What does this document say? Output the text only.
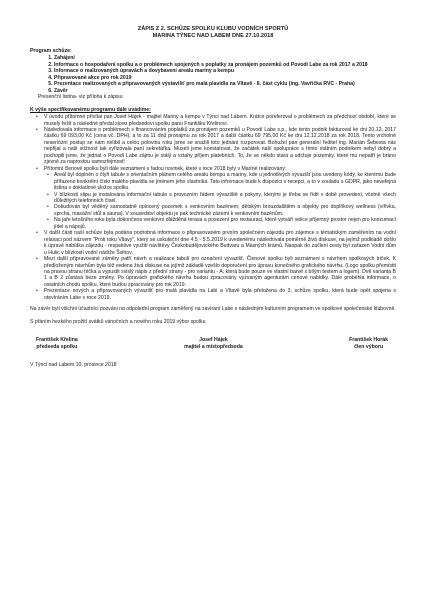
ZÁPIS Z 2. SCHŮZE SPOLKU KLUBU VODNÍCH SPORTŮ
MARINA TÝNEC NAD LABEM DNE 27.10.2018
Program schůze:
1. Zahájení
2. Informace o hospodaření spolku a o problémech spojených s poplatky za pronájem pozemků od Povodí Labe za rok 2017 a 2018
3. Informace o realizovaných úpravách a dovybavení areálu mariny a kempu
4. Připravované akce pro rok 2019
5. Prezentace realizovaných a připravovaných výstavišť pro malá plavidla na Vltavě - II. část cyklu (ing. Vavřička RVC - Praha)
6. Závěr
Presenční listina- viz příloha k zápisu
K výše specifikovanému programu dále uvádíme:
• V úvodu přítomné přivítal pan Josef Hájek - majitel Mariny a kempu v Týnci nad Labem. Krátce poreferoval o problémech za předchozí období, které se musely řešit a následně předal slovo předsedovi spolku panu Františku Křelinovi.
• Následovala informace o problémech s financováním poplatků za pronájem pozemků u Povodí Labe s.p., kde tento podnik fakturoval ke dni 20.12. 2017 částku 69 093,00 Kč (cena vč. DPH), a to za 11 dnů pronájmu za rok 2017 a další částku 69 795,00 Kč ke dni 12.12.2018 za rok 2018. Tento vrcholně neseriózní postup se nám nelíbil a celou polovinu roku jsme se snažili toto jednání rozporovat. Bohužel pan generální ředitel ing. Marián Šebesta nás nepřijal a naši stížnost tak vyřizovala paní sekretářka. Museli jsme konstatovat, že začátek naší spolupráce s tímto státním podnikem nebyl dobrý a pochopili jsme, že jednat o Povodí Labe zájmu je stálý a vztahy příjem platebních. To, že se někdo stará a udržuje pozemky, které mu nepatří je bráno zjevně za naprostou samozřejmost!
• Přítomni členové spolku byli dále seznámeni s řadou novinek, které v roce 2018 byly v Maríně realizovány:
• Areál byl doplněn o čtyři tabule s orientačním plánem celého areálu kempu a mariny, kde u jednotlivých vývazišť jsou uvedeny kódy, ke kterému bude přiřazeno konkrétní číslo malého plavidla se jménem jeho vlastníka. Tato informace bude k dispozici v recepci, a to v souladu s GDPR, jako nevefejná listina v dokladové složce spolku.
• V blízkosti slipu je instalována informační tabule s provozním řádem vývaziště a pokyny, kterými je třeba se řídit v době provedení, včetně všech důležitých telefonních čísel.
• Dobudován byl věděný samostatně oplocený pozemek s venkovním bazénem, dětským brouzdalištěm a objekty pro doplňkový wellness (vířivka, sprcha, masážní stůl a sauna). V sousedství objektu je pak technické zázemí k venkovním bazénům.
• Na jaře letošního roku byla dokončena venkovní dlážděná terasa a posezení pro restauraci, které vytváří velice příjemný prostor nejen pro konzumací jídel a nápojů.
• V další části naší schůze byla podána podrobná informace o připravovaném prvním společném zájezdu pro zájemce s tématickým zaměřením na vodní relaxaci pod názvem "Proti toku Vltavy", který se uskuteční dne 4.5 - 5.5.2019 k uvedenému následovala poměrně živá diskuse, na jejímž podkladě došlo k úpravě nabídka zájezdu - respektive využití návštěvy Českobudějovického Budvaru a Masných krámů. Naopak do začlení cesty byl zařazen Vodní dům u Hulic v blízkosti vodní nádrže Švihov.
• Mezi další připravované záměry patří návrh a realizace tabulí pro označení vývazišť. Členové spolku byli seznámeni s návrhem spolkových triček. K předloženým návrhům byla též vedena živá diskuse na jejímž základě vzešlo doporučení pro úpravu konečného grafického návrhu. (Logo spolku přemístit na pravou stranu trička a vypustit svislý nápis z přední strany - pro variantu - A, která bude pouze ve vlastní barvě s bílým textem a logem). Dvě varianta B 1 a B 2 zůstává beze změny. Po úpravách grafického návrhu budou zpracovány vyzvaným agenturám cenové nabídky. Dále proběhla informace, o ostatních chodu spolku, které budou zpracovány pro rok 2019.
• Prezentace nových a připravovaných vývazišť pro malá plavidla na Labi a Vltavě byla přeložena do 3. schůze spolku, která bude opět spojena s otevíráním Labe v roce 2019.
Na závěr byli všichni účastníci pozváni na odpolední program zaměřený na zavíraní Labe s následným kulturním programem ve spolkové společenské klubovně.
S přáním hezkého prožití svátků vánočních a nového roku 2019 výbor spolku
František Křelina
předseda spolku
Josef Hájek
majitel a místopředseda
František Horák
člen výboru
V Týnci nad Labem 10. prosince 2018
